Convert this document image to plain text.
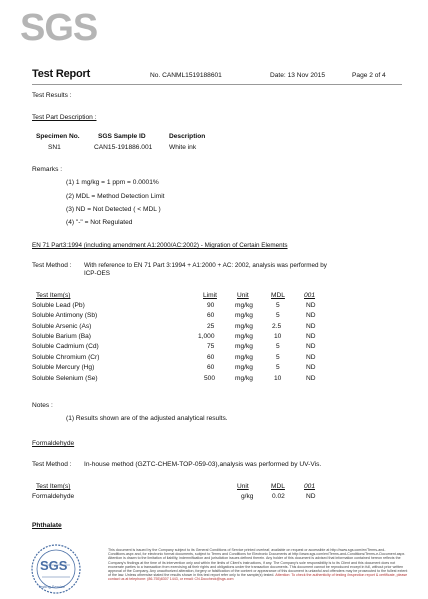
SGS
Test Report	No. CANML1519188601	Date: 13 Nov 2015	Page 2 of 4
Test Results :
Test Part Description :
Specimen No.	SGS Sample ID	Description
SN1	CAN15-191886.001	White ink
Remarks :
(1) 1 mg/kg = 1 ppm = 0.0001%
(2) MDL = Method Detection Limit
(3) ND = Not Detected ( < MDL )
(4) "-" = Not Regulated
EN 71 Part3:1994 (including amendment A1:2000/AC:2002) - Migration of Certain Elements
Test Method : With reference to EN 71 Part 3:1994 + A1:2000 + AC: 2002, analysis was performed by
ICP-OES
Test Item(s)	Limit	Unit	MDL	001
Soluble Lead (Pb)	90	mg/kg	5	ND
Soluble Antimony (Sb)	60	mg/kg	5	ND
Soluble Arsenic (As)	25	mg/kg	2.5	ND
Soluble Barium (Ba)	1,000	mg/kg	10	ND
Soluble Cadmium (Cd)	75	mg/kg	5	ND
Soluble Chromium (Cr)	60	mg/kg	5	ND
Soluble Mercury (Hg)	60	mg/kg	5	ND
Soluble Selenium (Se)	500	mg/kg	10	ND
Notes :
(1) Results shown are of the adjusted analytical results.
Formaldehyde
Test Method : In-house method (GZTC-CHEM-TOP-059-03),analysis was performed by UV-Vis.
Test Item(s)	Unit	MDL	001
Formaldehyde	g/kg	0.02	ND
Phthalate
SGS
Testing Service
This document is issued by the Company subject to its General Conditions of Service printed overleaf, available on request or accessible at http://www.sgs.com/en/Terms-and-Conditions.aspx and, for electronic format documents, subject to Terms and Conditions for Electronic Documents at http://www.sgs.com/en/Terms-and-Conditions/Terms-e-Document.aspx. Attention is drawn to the limitation of liability, indemnification and jurisdiction issues defined therein. Any holder of this document is advised that information contained hereon reflects the Company's findings at the time of its intervention only and within the limits of Client's instructions, if any. The Company's sole responsibility is to its Client and this document does not exonerate parties to a transaction from exercising all their rights and obligations under the transaction documents. This document cannot be reproduced except in full, without prior written approval of the Company. Any unauthorized alteration, forgery or falsification of the content or appearance of this document is unlawful and offenders may be prosecuted to the fullest extent of the law. Unless otherwise stated the results shown in this test report refer only to the sample(s) tested. Attention: To check the authenticity of testing /inspection report & certificate, please contact us at telephone: (86-755)8307 1443, or email: CN.Doccheck@sgs.com
